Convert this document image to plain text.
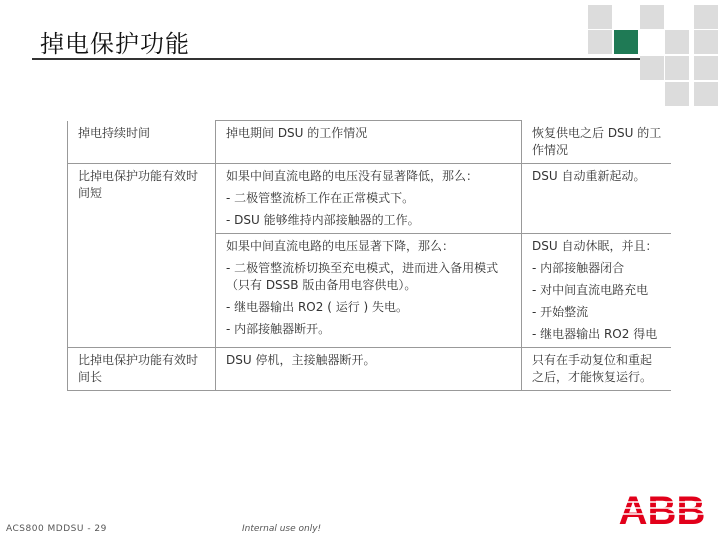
掉电保护功能
掉电持续时间	掉电期间 DSU 的工作情况	恢复供电之后 DSU 的工作情况
比掉电保护功能有效时间短	如果中间直流电路的电压没有显著降低，那么：
- 二极管整流桥工作在正常模式下。
- DSU 能够维持内部接触器的工作。	DSU 自动重新起动。

	如果中间直流电路的电压显著下降，那么：
- 二极管整流桥切换至充电模式，进而进入备用模式 （只有 DSSB 版由备用电容供电）。
- 继电器输出 RO2 ( 运行 ) 失电。
- 内部接触器断开。	DSU 自动休眠，并且：
- 内部接触器闭合
- 对中间直流电路充电
- 开始整流
- 继电器输出 RO2 得电

比掉电保护功能有效时间长	DSU 停机，主接触器断开。	只有在手动复位和重起之后，才能恢复运行。
ACS800 MDDSU - 29	Internal use only!	ABB
